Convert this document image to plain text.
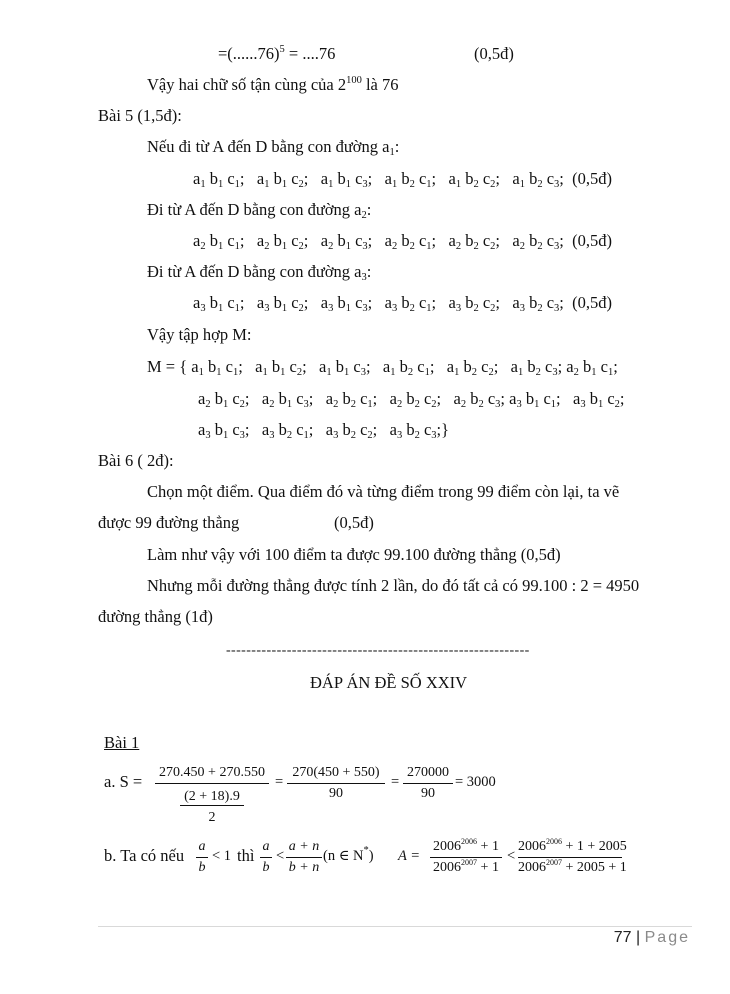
$=(......76)^5 = ....76$	(0,5đ)
Vậy hai chữ số tận cùng của $2^{100}$ là 76
Bài 5 (1,5đ):
Nếu đi từ A đến D bằng con đường $a_1$:
$a_1$ $b_1$ $c_1$;   $a_1$ $b_1$ $c_2$;   $a_1$ $b_1$ $c_3$;   $a_1$ $b_2$ $c_1$;   $a_1$ $b_2$ $c_2$;   $a_1$ $b_2$ $c_3$;  (0,5đ)
Đi từ A đến D bằng con đường $a_2$:
$a_2$ $b_1$ $c_1$;   $a_2$ $b_1$ $c_2$;   $a_2$ $b_1$ $c_3$;   $a_2$ $b_2$ $c_1$;   $a_2$ $b_2$ $c_2$;   $a_2$ $b_2$ $c_3$;  (0,5đ)
Đi từ A đến D bằng con đường $a_3$:
$a_3$ $b_1$ $c_1$;   $a_3$ $b_1$ $c_2$;   $a_3$ $b_1$ $c_3$;   $a_3$ $b_2$ $c_1$;   $a_3$ $b_2$ $c_2$;   $a_3$ $b_2$ $c_3$;  (0,5đ)
Vậy tập hợp M:
M = { $a_1$ $b_1$ $c_1$;   $a_1$ $b_1$ $c_2$;   $a_1$ $b_1$ $c_3$;   $a_1$ $b_2$ $c_1$;   $a_1$ $b_2$ $c_2$;   $a_1$ $b_2$ $c_3$; $a_2$ $b_1$ $c_1$;
$a_2$ $b_1$ $c_2$;   $a_2$ $b_1$ $c_3$;   $a_2$ $b_2$ $c_1$;   $a_2$ $b_2$ $c_2$;   $a_2$ $b_2$ $c_3$; $a_3$ $b_1$ $c_1$;   $a_3$ $b_1$ $c_2$;
$a_3$ $b_1$ $c_3$;   $a_3$ $b_2$ $c_1$;   $a_3$ $b_2$ $c_2$;   $a_3$ $b_2$ $c_3$;}
Bài 6 ( 2đ):
Chọn một điểm. Qua điểm đó và từng điểm trong 99 điểm còn lại, ta vẽ
được 99 đường thẳng	(0,5đ)
Làm như vậy với 100 điểm ta được 99.100 đường thẳng (0,5đ)
Nhưng mỗi đường thẳng được tính 2 lần, do đó tất cả có 99.100 : 2 = 4950
đường thẳng (1đ)
------------------------------------------------------------
ĐÁP ÁN ĐỀ SỐ XXIV
Bài 1
a. S = 270.450 + 270.550
(2 + 18).9
2
=
270(450 + 550)
90
=
270000
90
= 3000
b. Ta có nếu a
b
< 1 thì a
b
<
a + n
b + n
(n ∈ N*) A =
$2006^{2006} + 1$
$2006^{2007} + 1$
<
$2006^{2006} + 1 + 2005$
$2006^{2007} + 2005 + 1$
77 | Page
